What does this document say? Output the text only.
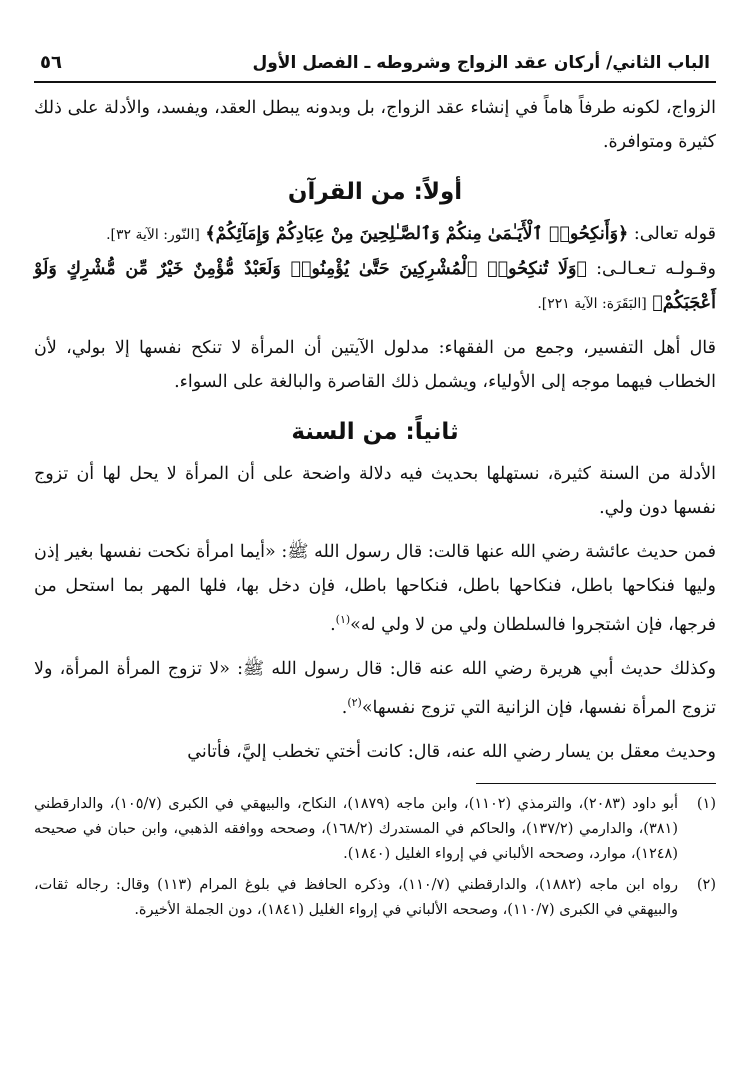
الباب الثاني/ أركان عقد الزواج وشروطه ـ الفصل الأول
٥٦

الزواج، لكونه طرفاً هاماً في إنشاء عقد الزواج، بل وبدونه يبطل العقد، ويفسد، والأدلة على ذلك كثيرة ومتوافرة.

أولاً: من القرآن

قوله تعالى: ﴿وَأَنكِحُوا۟ ٱلْأَيَـٰمَىٰ مِنكُمْ وَٱلصَّـٰلِحِينَ مِنْ عِبَادِكُمْ وَإِمَآئِكُمْ﴾ [النّور: الآية ٣٢].

وقـولـه تـعـالـى: ﴿وَلَا تُنكِحُوا۟ ٱلْمُشْرِكِينَ حَتَّىٰ يُؤْمِنُوا۟ وَلَعَبْدٌ مُّؤْمِنٌ خَيْرٌ مِّن مُّشْرِكٍ وَلَوْ أَعْجَبَكُمْ﴾ [البَقَرَة: الآية ٢٢١].

قال أهل التفسير، وجمع من الفقهاء: مدلول الآيتين أن المرأة لا تنكح نفسها إلا بولي، لأن الخطاب فيهما موجه إلى الأولياء، ويشمل ذلك القاصرة والبالغة على السواء.

ثانياً: من السنة

الأدلة من السنة كثيرة، نستهلها بحديث فيه دلالة واضحة على أن المرأة لا يحل لها أن تزوج نفسها دون ولي.

فمن حديث عائشة رضي الله عنها قالت: قال رسول الله ﷺ: «أيما امرأة نكحت نفسها بغير إذن وليها فنكاحها باطل، فنكاحها باطل، فنكاحها باطل، فإن دخل بها، فلها المهر بما استحل من فرجها، فإن اشتجروا فالسلطان ولي من لا ولي له»$^{(١)}$.

وكذلك حديث أبي هريرة رضي الله عنه قال: قال رسول الله ﷺ: «لا تزوج المرأة المرأة، ولا تزوج المرأة نفسها، فإن الزانية التي تزوج نفسها»$^{(٢)}$.

وحديث معقل بن يسار رضي الله عنه، قال: كانت أختي تخطب إليَّ، فأتاني

(١)
أبو داود (٢٠٨٣)، والترمذي (١١٠٢)، وابن ماجه (١٨٧٩)، النكاح، والبيهقي في الكبرى (١٠٥/٧)، والدارقطني (٣٨١)، والدارمي (١٣٧/٢)، والحاكم في المستدرك (١٦٨/٢)، وصححه ووافقه الذهبي، وابن حبان في صحيحه (١٢٤٨)، موارد، وصححه الألباني في إرواء الغليل (١٨٤٠).
(٢)
رواه ابن ماجه (١٨٨٢)، والدارقطني (١١٠/٧)، وذكره الحافظ في بلوغ المرام (١١٣) وقال: رجاله ثقات، والبيهقي في الكبرى (١١٠/٧)، وصححه الألباني في إرواء الغليل (١٨٤١)، دون الجملة الأخيرة.
